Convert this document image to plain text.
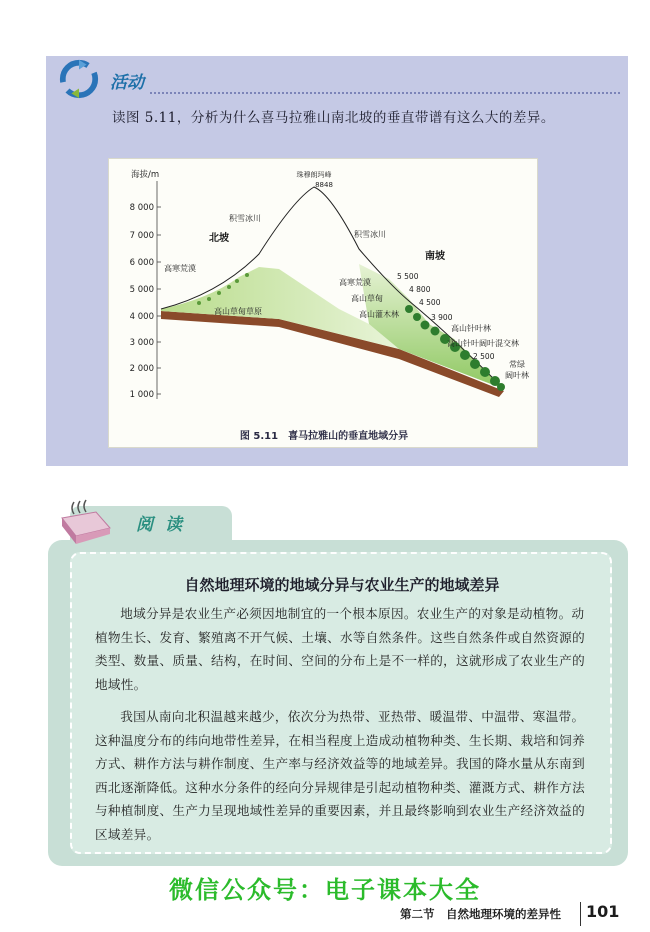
活动
读图 5.11，分析为什么喜马拉雅山南北坡的垂直带谱有这么大的差异。
8 000
7 000
6 000
5 000
4 000
3 000
2 000
1 000
海拔/m	珠穆朗玛峰
8848
积雪冰川
高寒荒漠
高山草甸草原
积雪冰川
高寒荒漠
高山草甸
高山灌木林
高山针叶林
高山针叶阔叶混交林
常绿
阔叶林
5 500
4 800
4 500
3 900
2 500
北坡
南坡
图 5.11　喜马拉雅山的垂直地域分异
阅读
自然地理环境的地域分异与农业生产的地域差异
地域分异是农业生产必须因地制宜的一个根本原因。农业生产的对象是动植物。动
植物生长、发育、繁殖离不开气候、土壤、水等自然条件。这些自然条件或自然资源的
类型、数量、质量、结构，在时间、空间的分布上是不一样的，这就形成了农业生产的
地域性。
我国从南向北积温越来越少，依次分为热带、亚热带、暖温带、中温带、寒温带。
这种温度分布的纬向地带性差异，在相当程度上造成动植物种类、生长期、栽培和饲养
方式、耕作方法与耕作制度、生产率与经济效益等的地域差异。我国的降水量从东南到
西北逐渐降低。这种水分条件的经向分异规律是引起动植物种类、灌溉方式、耕作方法
与种植制度、生产力呈现地域性差异的重要因素，并且最终影响到农业生产经济效益的
区域差异。
微信公众号：电子课本大全
第二节　自然地理环境的差异性 101
